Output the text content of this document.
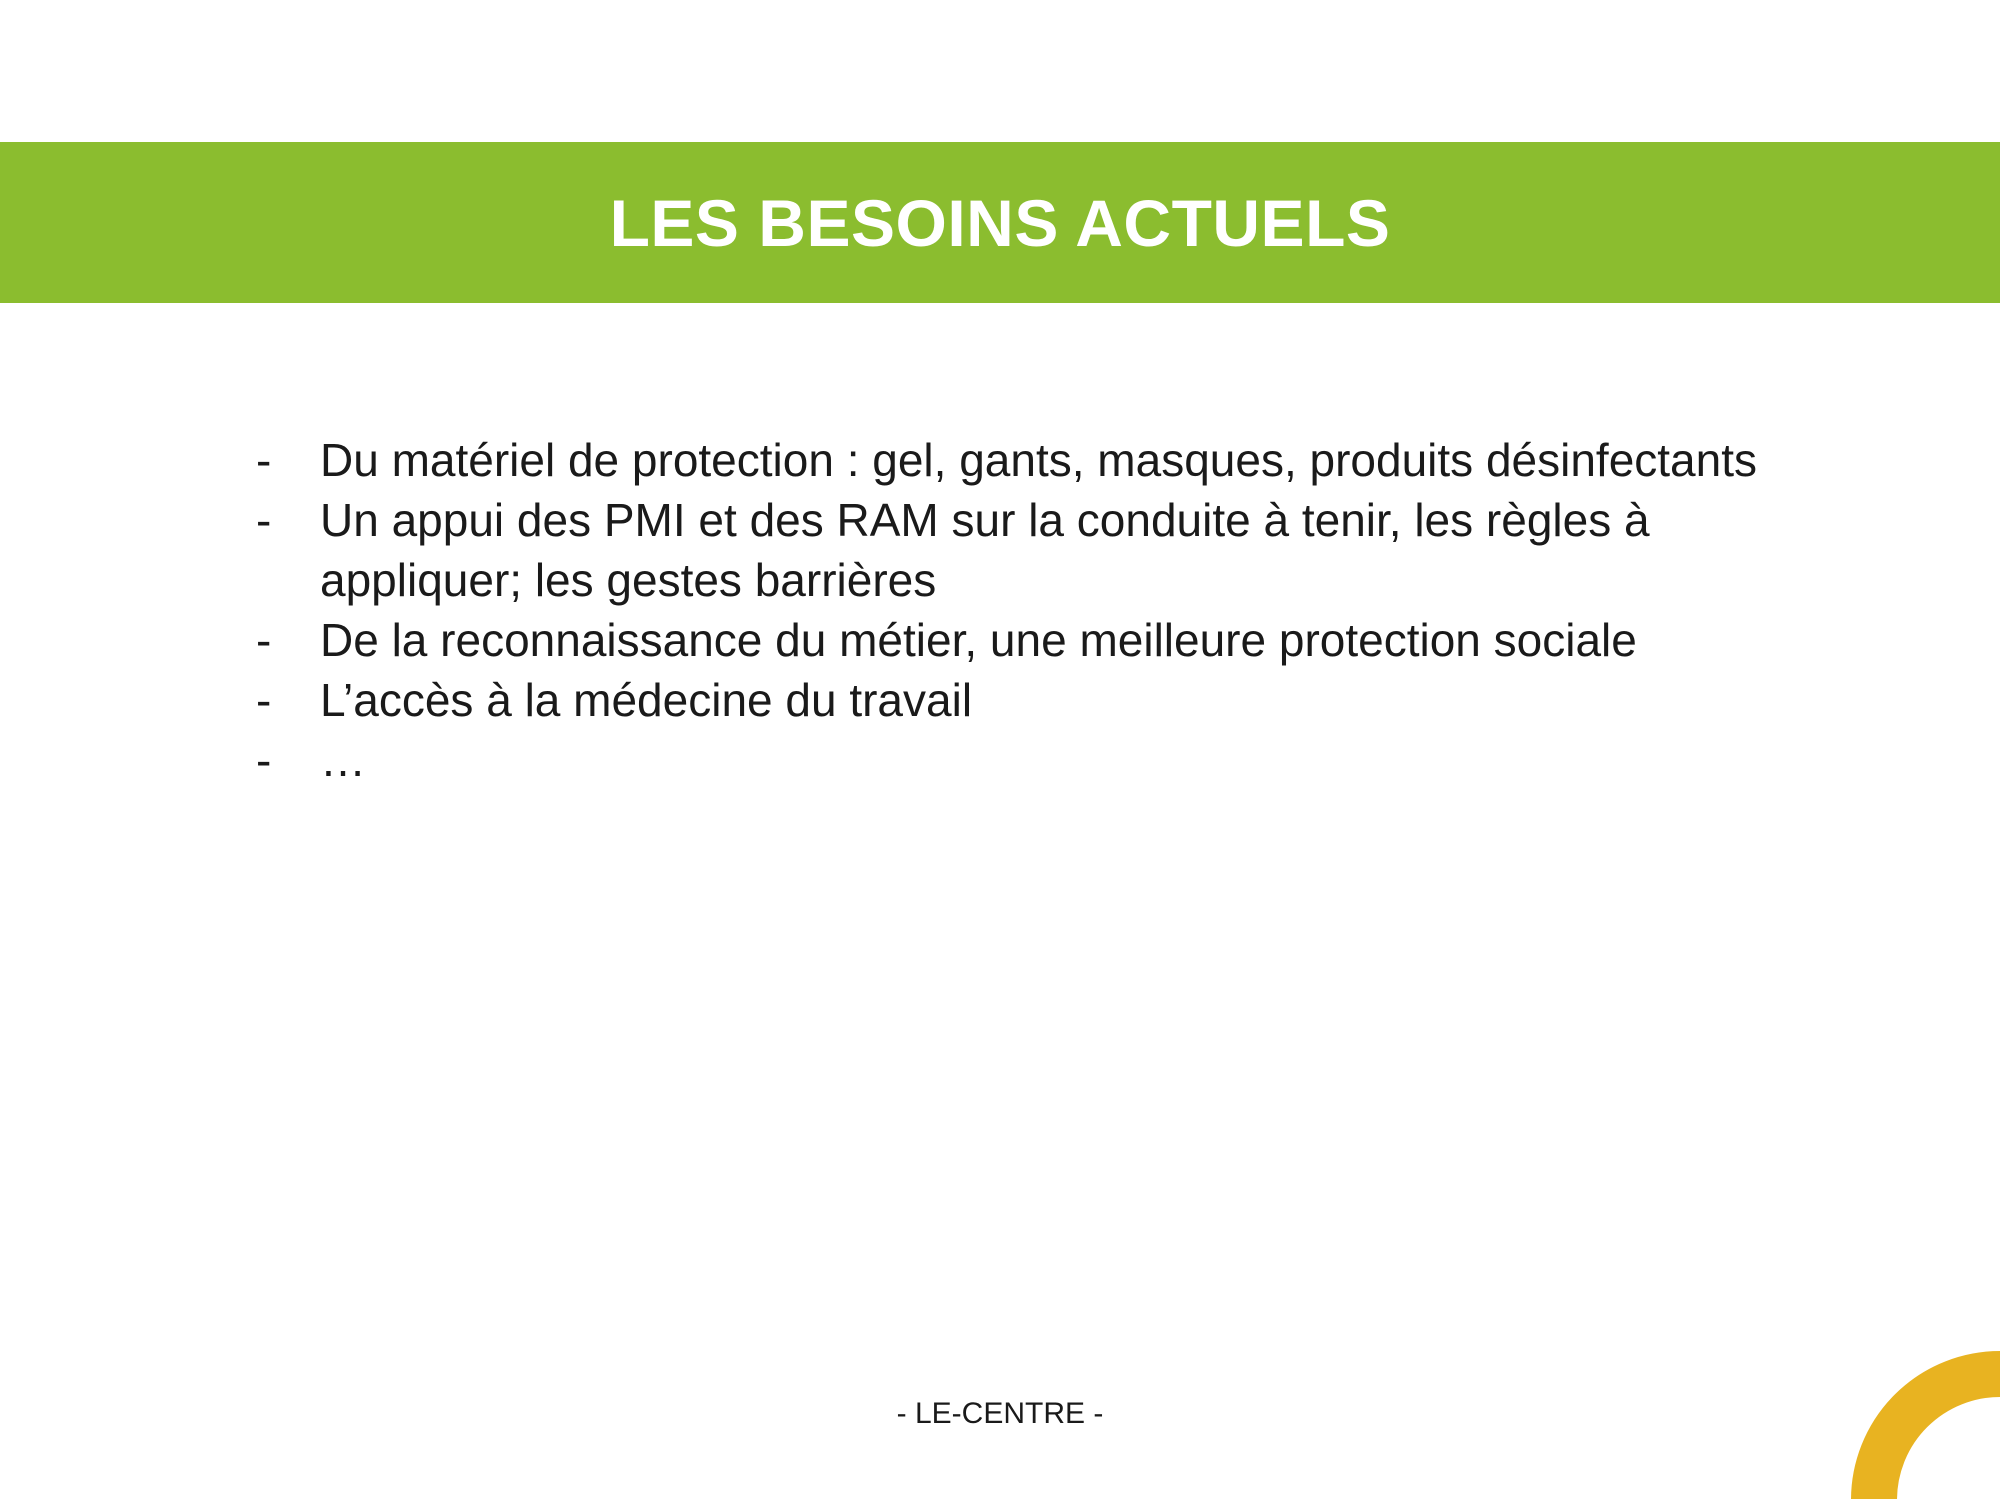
LES BESOINS ACTUELS
- Du matériel de protection : gel, gants, masques, produits désinfectants
- Un appui des PMI et des RAM sur la conduite à tenir, les règles à appliquer; les gestes barrières
- De la reconnaissance du métier, une meilleure protection sociale
- L’accès à la médecine du travail
- …
- LE-CENTRE -
